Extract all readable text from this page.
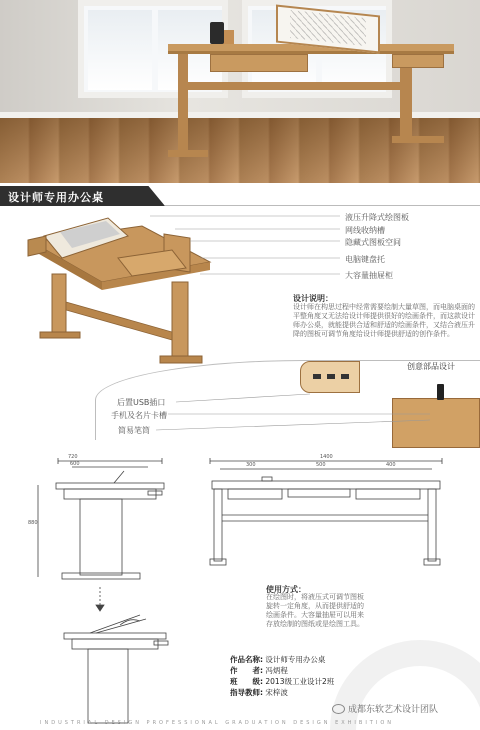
设计师专用办公桌
液压升降式绘图板
网线收纳槽
隐藏式图板空间
电脑键盘托
大容量抽屉柜
设计说明：
设计师在构思过程中经常需要绘制大量草图，而电脑桌面的平整角度又无法给设计师提供很好的绘画条件，而这款设计师办公桌，就能提供合适和舒适的绘画条件，又结合液压升降的图板可调节角度给设计师提供舒适的创作条件。
创意部品设计
后置USB插口
手机及名片卡槽
简易笔筒
720
600
880
1400
300	500	400
使用方式：
在绘图时，将液压式可调节图板旋转一定角度，从而提供舒适的绘画条件。大容量抽屉可以用来存放绘制的图纸或是绘图工具。
作品名称: 设计师专用办公桌
作　　者: 冯炳程
班　　级: 2013级工业设计2班
指导教师: 宋梓波
成都东软艺术设计团队
INDUSTRIAL DESIGN PROFESSIONAL GRADUATION DESIGN EXHIBITION
